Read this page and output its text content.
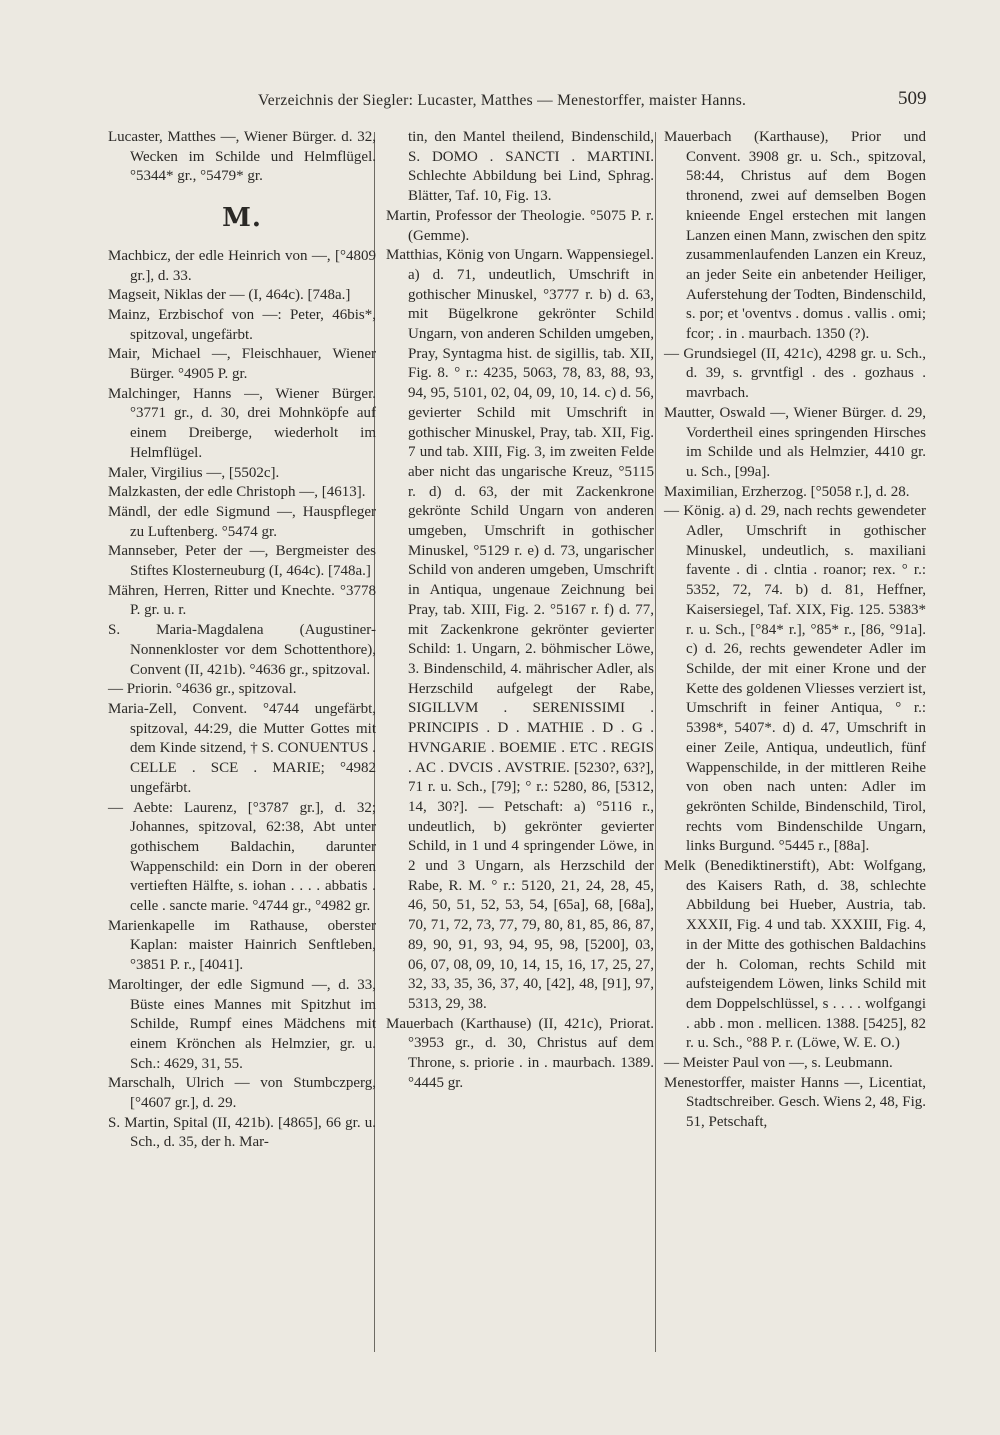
Verzeichnis der Siegler: Lucaster, Matthes — Menestorffer, maister Hanns.	509

Lucaster, Matthes —, Wiener Bürger. d. 32, Wecken im Schilde und Helmflügel. °5344* gr., °5479* gr.

M.

Machbicz, der edle Heinrich von —, [°4809 gr.], d. 33.

Magseit, Niklas der — (I, 464c). [748a.]

Mainz, Erzbischof von —: Peter, 46bis*, spitzoval, ungefärbt.

Mair, Michael —, Fleischhauer, Wiener Bürger. °4905 P. gr.

Malchinger, Hanns —, Wiener Bürger. °3771 gr., d. 30, drei Mohnköpfe auf einem Dreiberge, wiederholt im Helmflügel.

Maler, Virgilius —, [5502c].

Malzkasten, der edle Christoph —, [4613].

Mändl, der edle Sigmund —, Hauspfleger zu Luftenberg. °5474 gr.

Mannseber, Peter der —, Bergmeister des Stiftes Klosterneuburg (I, 464c). [748a.]

Mähren, Herren, Ritter und Knechte. °3778 P. gr. u. r.

S. Maria-Magdalena (Augustiner-Nonnenkloster vor dem Schottenthore), Convent (II, 421b). °4636 gr., spitzoval.

— Priorin. °4636 gr., spitzoval.

Maria-Zell, Convent. °4744 ungefärbt, spitzoval, 44:29, die Mutter Gottes mit dem Kinde sitzend, † S. CONUENTUS . CELLE . SCE . MARIE; °4982 ungefärbt.

— Aebte: Laurenz, [°3787 gr.], d. 32; Johannes, spitzoval, 62:38, Abt unter gothischem Baldachin, darunter Wappenschild: ein Dorn in der oberen vertieften Hälfte, s. iohan . . . . abbatis . celle . sancte marie. °4744 gr., °4982 gr.

Marienkapelle im Rathause, oberster Kaplan: maister Hainrich Senftleben, °3851 P. r., [4041].

Maroltinger, der edle Sigmund —, d. 33, Büste eines Mannes mit Spitzhut im Schilde, Rumpf eines Mädchens mit einem Krönchen als Helmzier, gr. u. Sch.: 4629, 31, 55.

Marschalh, Ulrich — von Stumbczperg, [°4607 gr.], d. 29.

S. Martin, Spital (II, 421b). [4865], 66 gr. u. Sch., d. 35, der h. Mar-

tin, den Mantel theilend, Bindenschild, S. DOMO . SANCTI . MARTINI. Schlechte Abbildung bei Lind, Sphrag. Blätter, Taf. 10, Fig. 13.

Martin, Professor der Theologie. °5075 P. r. (Gemme).

Matthias, König von Ungarn. Wappensiegel. a) d. 71, undeutlich, Umschrift in gothischer Minuskel, °3777 r. b) d. 63, mit Bügelkrone gekrönter Schild Ungarn, von anderen Schilden umgeben, Pray, Syntagma hist. de sigillis, tab. XII, Fig. 8. ° r.: 4235, 5063, 78, 83, 88, 93, 94, 95, 5101, 02, 04, 09, 10, 14. c) d. 56, gevierter Schild mit Umschrift in gothischer Minuskel, Pray, tab. XII, Fig. 7 und tab. XIII, Fig. 3, im zweiten Felde aber nicht das ungarische Kreuz, °5115 r. d) d. 63, der mit Zackenkrone gekrönte Schild Ungarn von anderen umgeben, Umschrift in gothischer Minuskel, °5129 r. e) d. 73, ungarischer Schild von anderen umgeben, Umschrift in Antiqua, ungenaue Zeichnung bei Pray, tab. XIII, Fig. 2. °5167 r. f) d. 77, mit Zackenkrone gekrönter gevierter Schild: 1. Ungarn, 2. böhmischer Löwe, 3. Bindenschild, 4. mährischer Adler, als Herzschild aufgelegt der Rabe, SIGILLVM . SERENISSIMI . PRINCIPIS . D . MATHIE . D . G . HVNGARIE . BOEMIE . ETC . REGIS . AC . DVCIS . AVSTRIE. [5230?, 63?], 71 r. u. Sch., [79]; ° r.: 5280, 86, [5312, 14, 30?]. — Petschaft: a) °5116 r., undeutlich, b) gekrönter gevierter Schild, in 1 und 4 springender Löwe, in 2 und 3 Ungarn, als Herzschild der Rabe, R. M. ° r.: 5120, 21, 24, 28, 45, 46, 50, 51, 52, 53, 54, [65a], 68, [68a], 70, 71, 72, 73, 77, 79, 80, 81, 85, 86, 87, 89, 90, 91, 93, 94, 95, 98, [5200], 03, 06, 07, 08, 09, 10, 14, 15, 16, 17, 25, 27, 32, 33, 35, 36, 37, 40, [42], 48, [91], 97, 5313, 29, 38.

Mauerbach (Karthause) (II, 421c), Priorat. °3953 gr., d. 30, Christus auf dem Throne, s. priorie . in . maurbach. 1389. °4445 gr.

Mauerbach (Karthause), Prior und Convent. 3908 gr. u. Sch., spitzoval, 58:44, Christus auf dem Bogen thronend, zwei auf demselben Bogen knieende Engel erstechen mit langen Lanzen einen Mann, zwischen den spitz zusammenlaufenden Lanzen ein Kreuz, an jeder Seite ein anbetender Heiliger, Auferstehung der Todten, Bindenschild, s. por; et 'oventvs . domus . vallis . omi; fcor; . in . maurbach. 1350 (?).

— Grundsiegel (II, 421c), 4298 gr. u. Sch., d. 39, s. grvntfigl . des . gozhaus . mavrbach.

Mautter, Oswald —, Wiener Bürger. d. 29, Vordertheil eines springenden Hirsches im Schilde und als Helmzier, 4410 gr. u. Sch., [99a].

Maximilian, Erzherzog. [°5058 r.], d. 28.

— König. a) d. 29, nach rechts gewendeter Adler, Umschrift in gothischer Minuskel, undeutlich, s. maxiliani favente . di . clntia . roanor; rex. ° r.: 5352, 72, 74. b) d. 81, Heffner, Kaisersiegel, Taf. XIX, Fig. 125. 5383* r. u. Sch., [°84* r.], °85* r., [86, °91a]. c) d. 26, rechts gewendeter Adler im Schilde, der mit einer Krone und der Kette des goldenen Vliesses verziert ist, Umschrift in feiner Antiqua, ° r.: 5398*, 5407*. d) d. 47, Umschrift in einer Zeile, Antiqua, undeutlich, fünf Wappenschilde, in der mittleren Reihe von oben nach unten: Adler im gekrönten Schilde, Bindenschild, Tirol, rechts vom Bindenschilde Ungarn, links Burgund. °5445 r., [88a].

Melk (Benediktinerstift), Abt: Wolfgang, des Kaisers Rath, d. 38, schlechte Abbildung bei Hueber, Austria, tab. XXXII, Fig. 4 und tab. XXXIII, Fig. 4, in der Mitte des gothischen Baldachins der h. Coloman, rechts Schild mit aufsteigendem Löwen, links Schild mit dem Doppelschlüssel, s . . . . wolfgangi . abb . mon . mellicen. 1388. [5425], 82 r. u. Sch., °88 P. r. (Löwe, W. E. O.)

— Meister Paul von —, s. Leubmann.

Menestorffer, maister Hanns —, Licentiat, Stadtschreiber. Gesch. Wiens 2, 48, Fig. 51, Petschaft,
